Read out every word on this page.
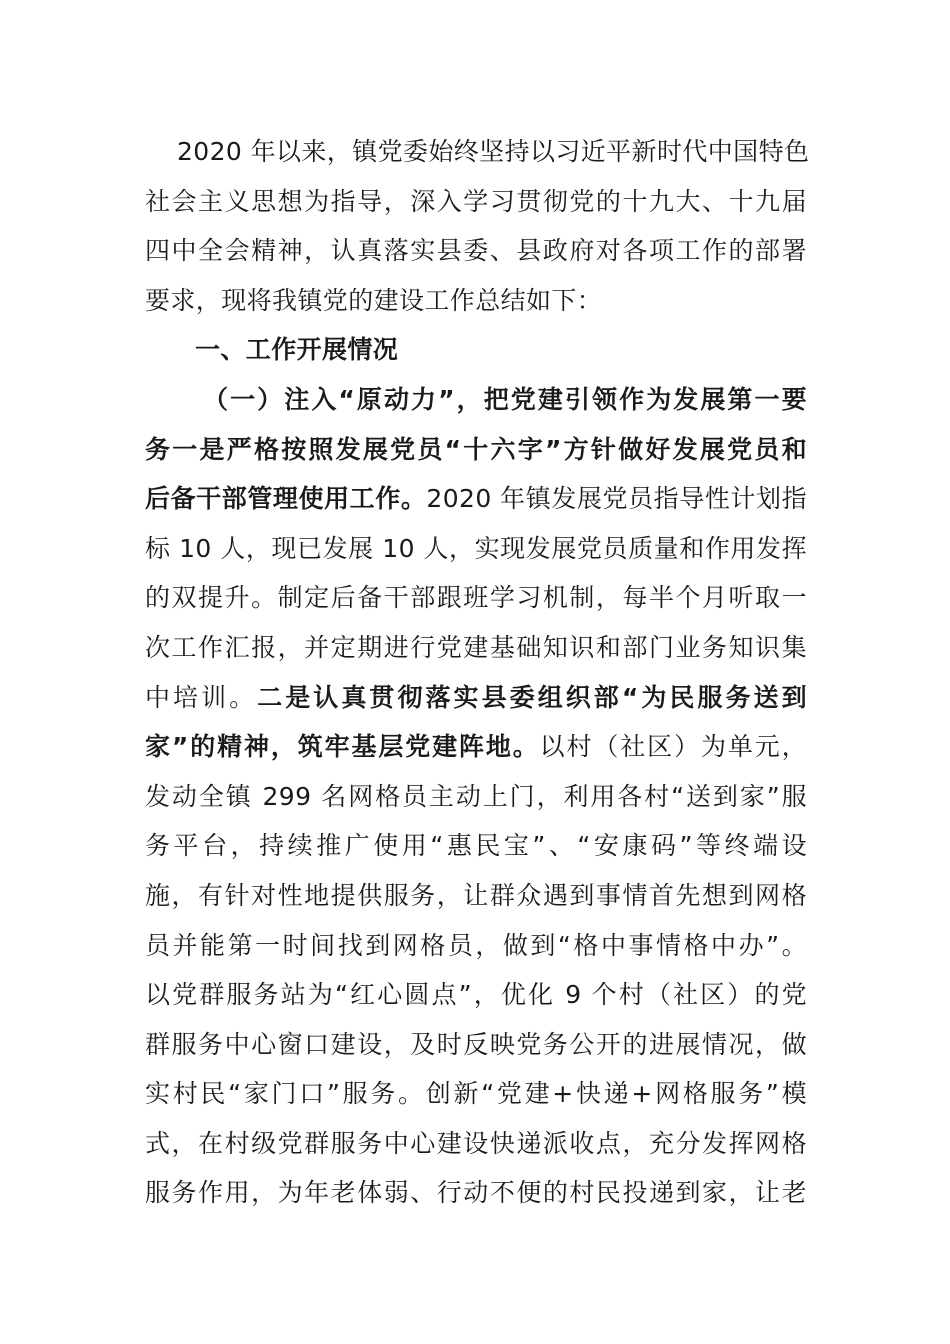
2020 年以来，镇党委始终坚持以习近平新时代中国特色
社会主义思想为指导，深入学习贯彻党的十九大、十九届
四中全会精神，认真落实县委、县政府对各项工作的部署
要求，现将我镇党的建设工作总结如下：
一、工作开展情况
（一）注入“原动力”，把党建引领作为发展第一要
务一是严格按照发展党员“十六字”方针做好发展党员和
后备干部管理使用工作。2020 年镇发展党员指导性计划指
标 10 人，现已发展 10 人，实现发展党员质量和作用发挥
的双提升。制定后备干部跟班学习机制，每半个月听取一
次工作汇报，并定期进行党建基础知识和部门业务知识集
中培训。二是认真贯彻落实县委组织部“为民服务送到
家”的精神，筑牢基层党建阵地。以村（社区）为单元，
发动全镇 299 名网格员主动上门，利用各村“送到家”服
务平台，持续推广使用“惠民宝”、“安康码”等终端设
施，有针对性地提供服务，让群众遇到事情首先想到网格
员并能第一时间找到网格员，做到“格中事情格中办”。
以党群服务站为“红心圆点”，优化 9 个村（社区）的党
群服务中心窗口建设，及时反映党务公开的进展情况，做
实村民“家门口”服务。创新“党建+快递+网格服务”模
式，在村级党群服务中心建设快递派收点，充分发挥网格
服务作用，为年老体弱、行动不便的村民投递到家，让老
